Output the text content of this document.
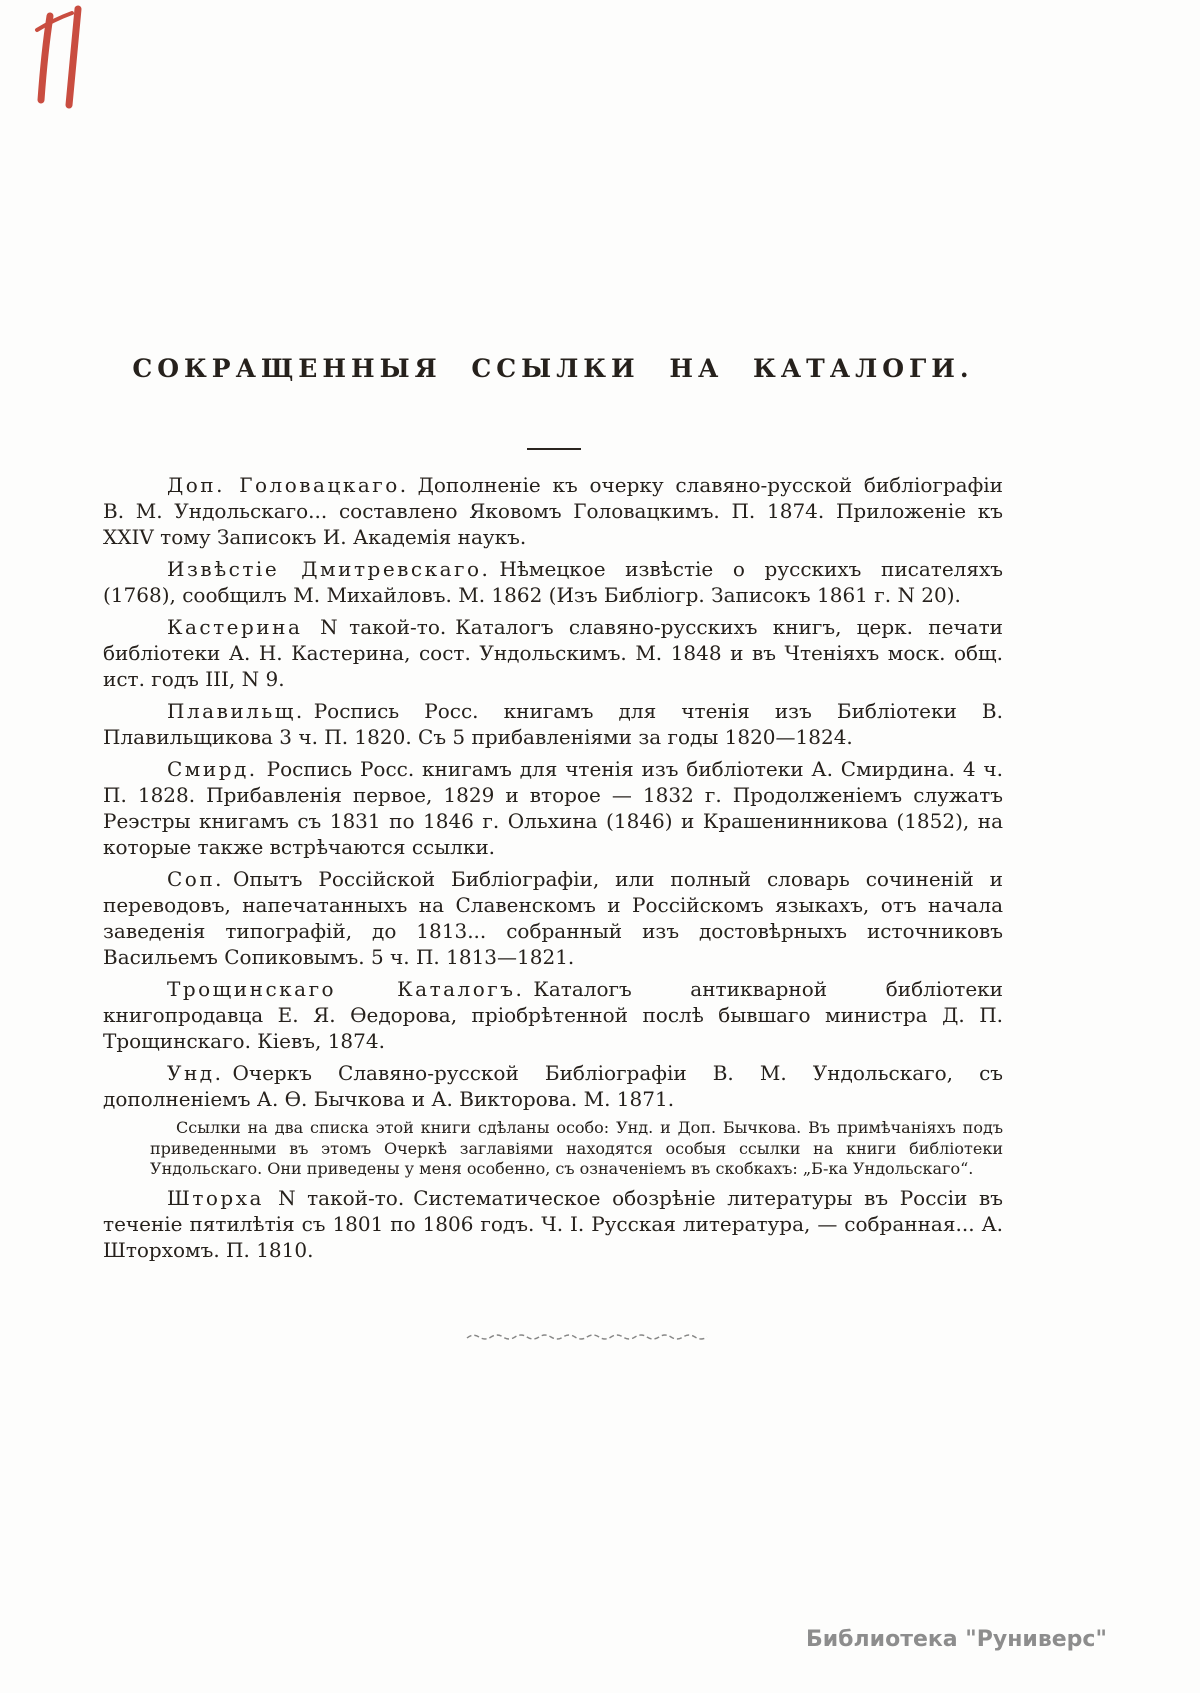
СОКРАЩЕННЫЯ ССЫЛКИ НА КАТАЛОГИ.

Доп. Головацкаго. Дополненіе къ очерку славяно-русской библіографіи В. М. Ундольскаго... составлено Яковомъ Головацкимъ. П. 1874. Приложеніе къ XXIV тому Записокъ И. Академія наукъ.

Извѣстіе Дмитревскаго. Нѣмецкое извѣстіе о русскихъ писателяхъ (1768), сообщилъ М. Михайловъ. М. 1862 (Изъ Библіогр. Записокъ 1861 г. N 20).

Кастерина N такой-то. Каталогъ славяно-русскихъ книгъ, церк. печати библіотеки А. Н. Кастерина, сост. Ундольскимъ. М. 1848 и въ Чтеніяхъ моск. общ. ист. годъ III, N 9.

Плавильщ. Роспись Росс. книгамъ для чтенія изъ Библіотеки В. Плавильщикова 3 ч. П. 1820. Съ 5 прибавленіями за годы 1820—1824.

Смирд. Роспись Росс. книгамъ для чтенія изъ библіотеки А. Смирдина. 4 ч. П. 1828. Прибавленія первое, 1829 и второе — 1832 г. Продолженіемъ служатъ Реэстры книгамъ съ 1831 по 1846 г. Ольхина (1846) и Крашенинникова (1852), на которые также встрѣчаются ссылки.

Соп. Опытъ Россійской Библіографіи, или полный словарь сочиненій и переводовъ, напечатанныхъ на Славенскомъ и Россійскомъ языкахъ, отъ начала заведенія типографій, до 1813... собранный изъ достовѣрныхъ источниковъ Васильемъ Сопиковымъ. 5 ч. П. 1813—1821.

Трощинскаго Каталогъ. Каталогъ антикварной библіотеки книгопродавца Е. Я. Ѳедорова, пріобрѣтенной послѣ бывшаго министра Д. П. Трощинскаго. Кіевъ, 1874.

Унд. Очеркъ Славяно-русской Библіографіи В. М. Ундольскаго, съ дополненіемъ А. Ѳ. Бычкова и А. Викторова. М. 1871.

Ссылки на два списка этой книги сдѣланы особо: Унд. и Доп. Бычкова. Въ примѣчаніяхъ подъ приведенными въ этомъ Очеркѣ заглавіями находятся особыя ссылки на книги библіотеки Ундольскаго. Они приведены у меня особенно, съ означеніемъ въ скобкахъ: „Б-ка Ундольскаго“.

Шторха N такой-то. Систематическое обозрѣніе литературы въ Россіи въ теченіе пятилѣтія съ 1801 по 1806 годъ. Ч. I. Русская литература, — собранная... А. Шторхомъ. П. 1810.

Библиотека "Руниверс"
